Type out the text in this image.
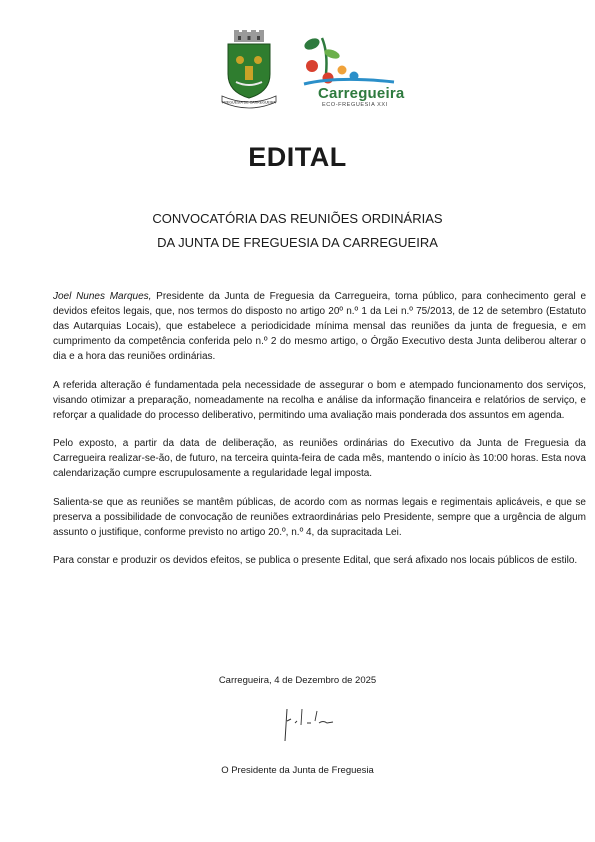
FREGUESIA DE CARREGUEIRA
Carregueira
ECO-FREGUESIA XXI
EDITAL
CONVOCATÓRIA DAS REUNIÕES ORDINÁRIAS
DA JUNTA DE FREGUESIA DA CARREGUEIRA

Joel Nunes Marques, Presidente da Junta de Freguesia da Carregueira, torna público, para conhecimento geral e devidos efeitos legais, que, nos termos do disposto no artigo 20º n.º 1 da Lei n.º 75/2013, de 12 de setembro (Estatuto das Autarquias Locais), que estabelece a periodicidade mínima mensal das reuniões da junta de freguesia, e em cumprimento da competência conferida pelo n.º 2 do mesmo artigo, o Órgão Executivo desta Junta deliberou alterar o dia e a hora das reuniões ordinárias.

A referida alteração é fundamentada pela necessidade de assegurar o bom e atempado funcionamento dos serviços, visando otimizar a preparação, nomeadamente na recolha e análise da informação financeira e relatórios de serviço, e reforçar a qualidade do processo deliberativo, permitindo uma avaliação mais ponderada dos assuntos em agenda.

Pelo exposto, a partir da data de deliberação, as reuniões ordinárias do Executivo da Junta de Freguesia da Carregueira realizar-se-ão, de futuro, na terceira quinta-feira de cada mês, mantendo o início às 10:00 horas. Esta nova calendarização cumpre escrupulosamente a regularidade legal imposta.

Salienta-se que as reuniões se mantêm públicas, de acordo com as normas legais e regimentais aplicáveis, e que se preserva a possibilidade de convocação de reuniões extraordinárias pelo Presidente, sempre que a urgência de algum assunto o justifique, conforme previsto no artigo 20.º, n.º 4, da supracitada Lei.

Para constar e produzir os devidos efeitos, se publica o presente Edital, que será afixado nos locais públicos de estilo.

Carregueira, 4 de Dezembro de 2025
O Presidente da Junta de Freguesia
